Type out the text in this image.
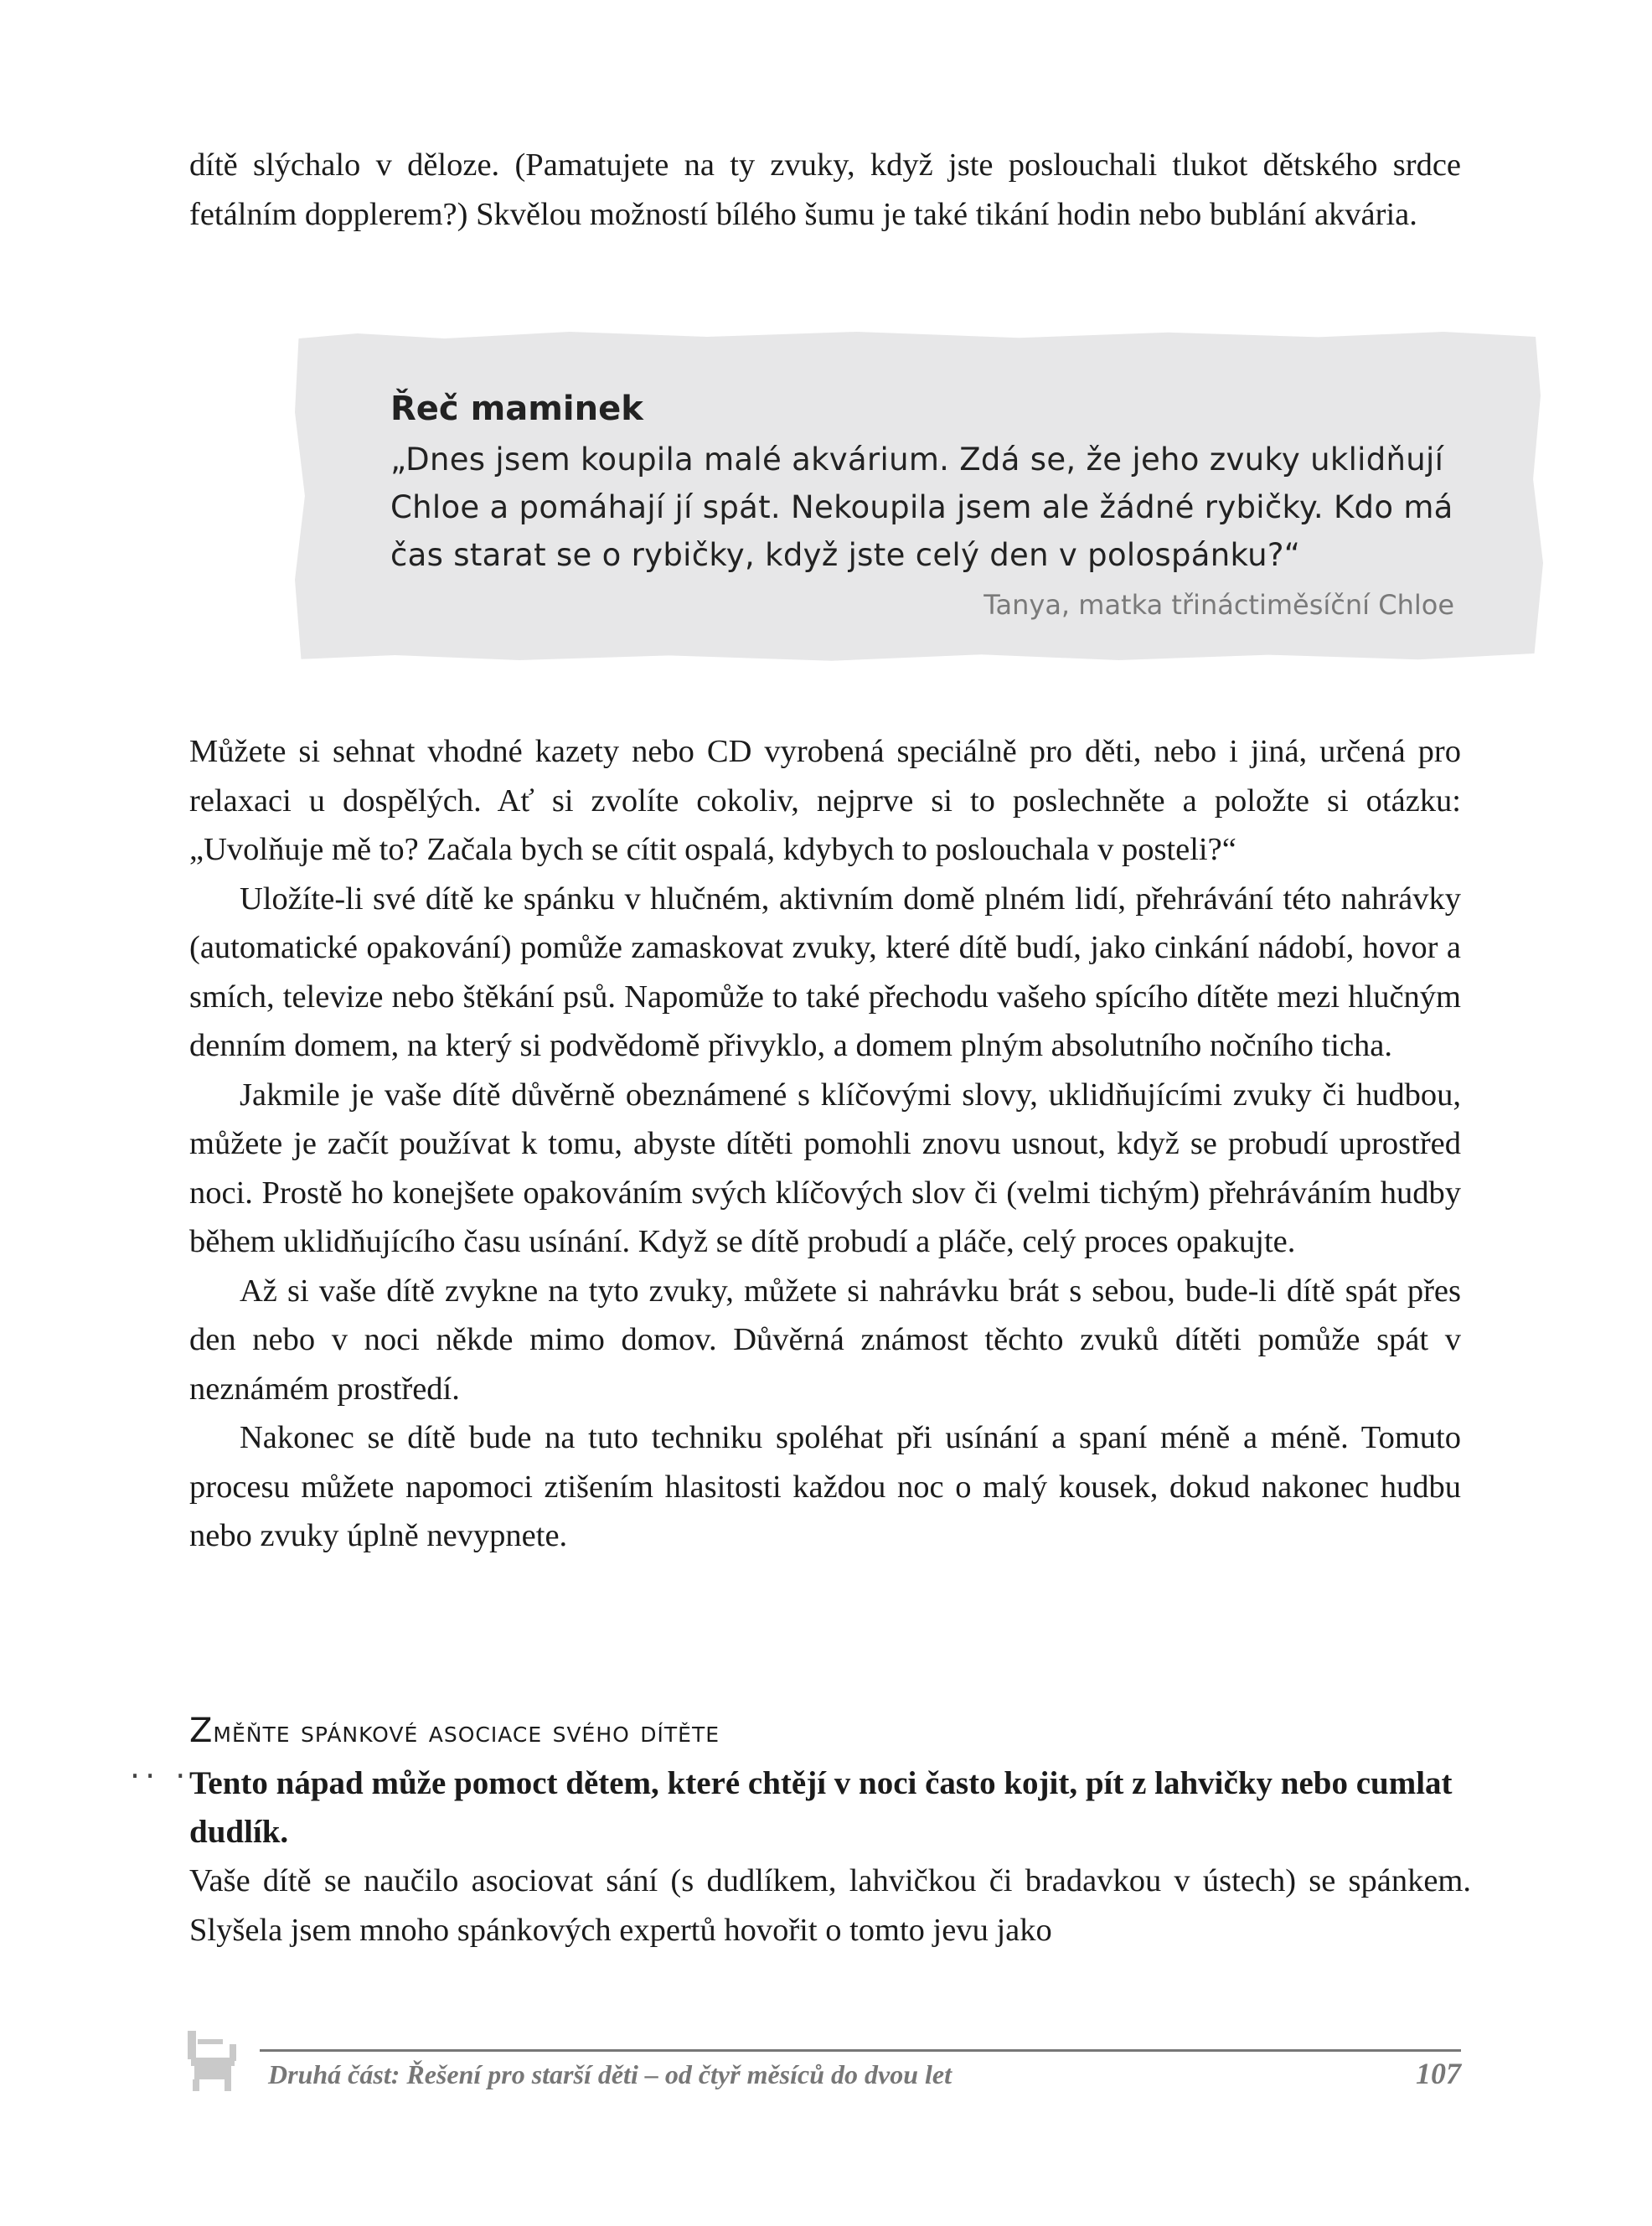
dítě slýchalo v děloze. (Pamatujete na ty zvuky, když jste poslouchali tlukot dětského srdce fetálním dopplerem?) Skvělou možností bílého šumu je také tikání hodin nebo bublání akvária.

Řeč maminek
„Dnes jsem koupila malé akvárium. Zdá se, že jeho zvuky uklidňují Chloe a pomáhají jí spát. Nekoupila jsem ale žádné rybičky. Kdo má čas starat se o rybičky, když jste celý den v polospánku?“
Tanya, matka třináctiměsíční Chloe

Můžete si sehnat vhodné kazety nebo CD vyrobená speciálně pro děti, nebo i jiná, určená pro relaxaci u dospělých. Ať si zvolíte cokoliv, nejprve si to poslechněte a položte si otázku: „Uvolňuje mě to? Začala bych se cítit ospalá, kdybych to poslouchala v posteli?“

Uložíte-li své dítě ke spánku v hlučném, aktivním domě plném lidí, přehrávání této nahrávky (automatické opakování) pomůže zamaskovat zvuky, které dítě budí, jako cinkání nádobí, hovor a smích, televize nebo štěkání psů. Napomůže to také přechodu vašeho spícího dítěte mezi hlučným denním domem, na který si podvědomě přivyklo, a domem plným absolutního nočního ticha.

Jakmile je vaše dítě důvěrně obeznámené s klíčovými slovy, uklidňujícími zvuky či hudbou, můžete je začít používat k tomu, abyste dítěti pomohli znovu usnout, když se probudí uprostřed noci. Prostě ho konejšete opakováním svých klíčových slov či (velmi tichým) přehráváním hudby během uklidňujícího času usínání. Když se dítě probudí a pláče, celý proces opakujte.

Až si vaše dítě zvykne na tyto zvuky, můžete si nahrávku brát s sebou, bude-li dítě spát přes den nebo v noci někde mimo domov. Důvěrná známost těchto zvuků dítěti pomůže spát v neznámém prostředí.

Nakonec se dítě bude na tuto techniku spoléhat při usínání a spaní méně a méně. Tomuto procesu můžete napomoci ztišením hlasitosti každou noc o malý kousek, dokud nakonec hudbu nebo zvuky úplně nevypnete.

·· ·
Změňte spánkové asociace svého dítěte
Tento nápad může pomoct dětem, které chtějí v noci často kojit, pít z lahvičky nebo cumlat dudlík.
Vaše dítě se naučilo asociovat sání (s dudlíkem, lahvičkou či bradavkou v ústech) se spánkem. Slyšela jsem mnoho spánkových expertů hovořit o tomto jevu jako
Druhá část: Řešení pro starší děti – od čtyř měsíců do dvou let	107
